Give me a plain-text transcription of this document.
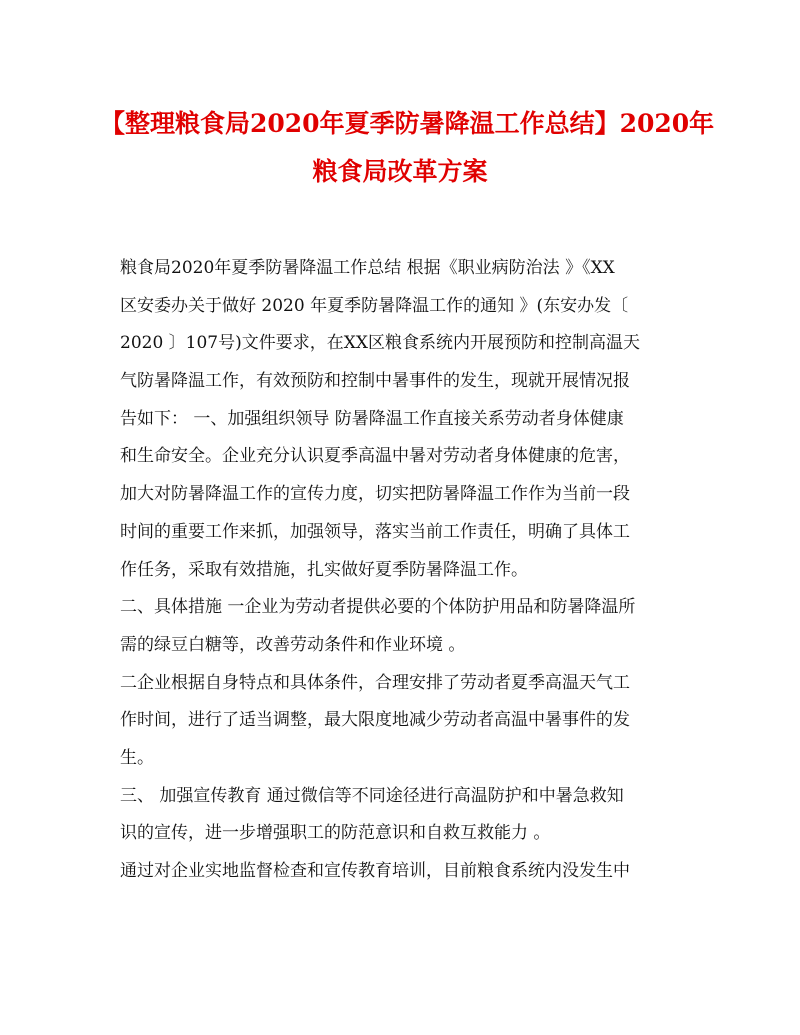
【整理粮食局2020年夏季防暑降温工作总结】2020年
粮食局改革方案
粮食局2020年夏季防暑降温工作总结 根据《职业病防治法 》《XX
区安委办关于做好 2020 年夏季防暑降温工作的通知 》(东安办发〔
2020 〕107号)文件要求，在XX区粮食系统内开展预防和控制高温天
气防暑降温工作，有效预防和控制中暑事件的发生，现就开展情况报
告如下： 一、加强组织领导 防暑降温工作直接关系劳动者身体健康
和生命安全。企业充分认识夏季高温中暑对劳动者身体健康的危害，
加大对防暑降温工作的宣传力度，切实把防暑降温工作作为当前一段
时间的重要工作来抓，加强领导，落实当前工作责任，明确了具体工
作任务，采取有效措施，扎实做好夏季防暑降温工作。
二、具体措施 一企业为劳动者提供必要的个体防护用品和防暑降温所
需的绿豆白糖等，改善劳动条件和作业环境 。
二企业根据自身特点和具体条件，合理安排了劳动者夏季高温天气工
作时间，进行了适当调整，最大限度地减少劳动者高温中暑事件的发
生。
三、 加强宣传教育 通过微信等不同途径进行高温防护和中暑急救知
识的宣传，进一步增强职工的防范意识和自救互救能力 。
通过对企业实地监督检查和宣传教育培训，目前粮食系统内没发生中
